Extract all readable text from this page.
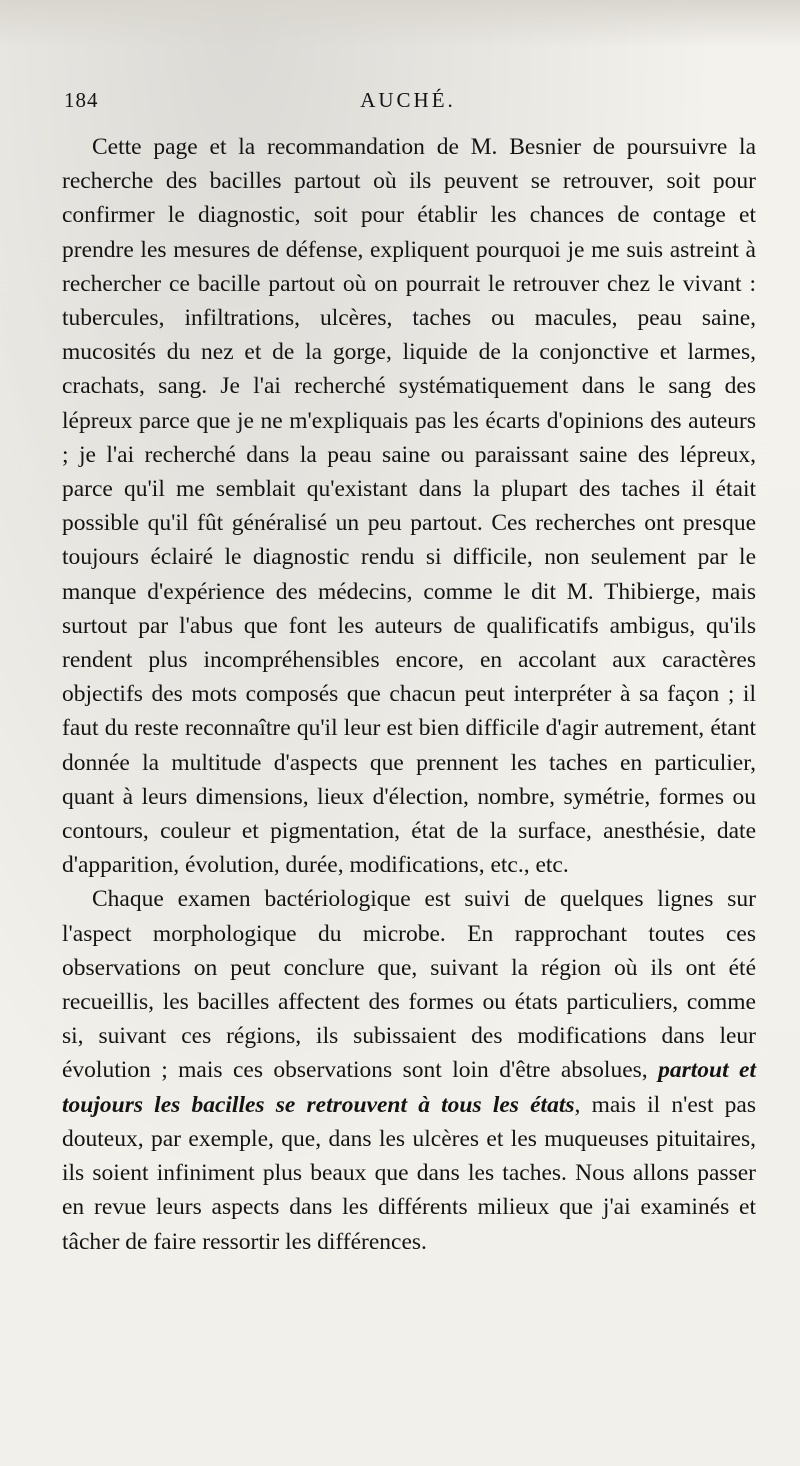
184	AUCHÉ.

Cette page et la recommandation de M. Besnier de poursuivre la recherche des bacilles partout où ils peuvent se retrouver, soit pour confirmer le diagnostic, soit pour établir les chances de contage et prendre les mesures de défense, expliquent pourquoi je me suis astreint à rechercher ce bacille partout où on pourrait le retrouver chez le vivant : tubercules, infiltrations, ulcères, taches ou macules, peau saine, mucosités du nez et de la gorge, liquide de la conjonctive et larmes, crachats, sang. Je l'ai recherché systématiquement dans le sang des lépreux parce que je ne m'expliquais pas les écarts d'opinions des auteurs ; je l'ai recherché dans la peau saine ou paraissant saine des lépreux, parce qu'il me semblait qu'existant dans la plupart des taches il était possible qu'il fût généralisé un peu partout. Ces recherches ont presque toujours éclairé le diagnostic rendu si difficile, non seulement par le manque d'expérience des médecins, comme le dit M. Thibierge, mais surtout par l'abus que font les auteurs de qualificatifs ambigus, qu'ils rendent plus incompréhensibles encore, en accolant aux caractères objectifs des mots composés que chacun peut interpréter à sa façon ; il faut du reste reconnaître qu'il leur est bien difficile d'agir autrement, étant donnée la multitude d'aspects que prennent les taches en particulier, quant à leurs dimensions, lieux d'élection, nombre, symétrie, formes ou contours, couleur et pigmentation, état de la surface, anesthésie, date d'apparition, évolution, durée, modifications, etc., etc.

Chaque examen bactériologique est suivi de quelques lignes sur l'aspect morphologique du microbe. En rapprochant toutes ces observations on peut conclure que, suivant la région où ils ont été recueillis, les bacilles affectent des formes ou états particuliers, comme si, suivant ces régions, ils subissaient des modifications dans leur évolution ; mais ces observations sont loin d'être absolues, partout et toujours les bacilles se retrouvent à tous les états, mais il n'est pas douteux, par exemple, que, dans les ulcères et les muqueuses pituitaires, ils soient infiniment plus beaux que dans les taches. Nous allons passer en revue leurs aspects dans les différents milieux que j'ai examinés et tâcher de faire ressortir les différences.
